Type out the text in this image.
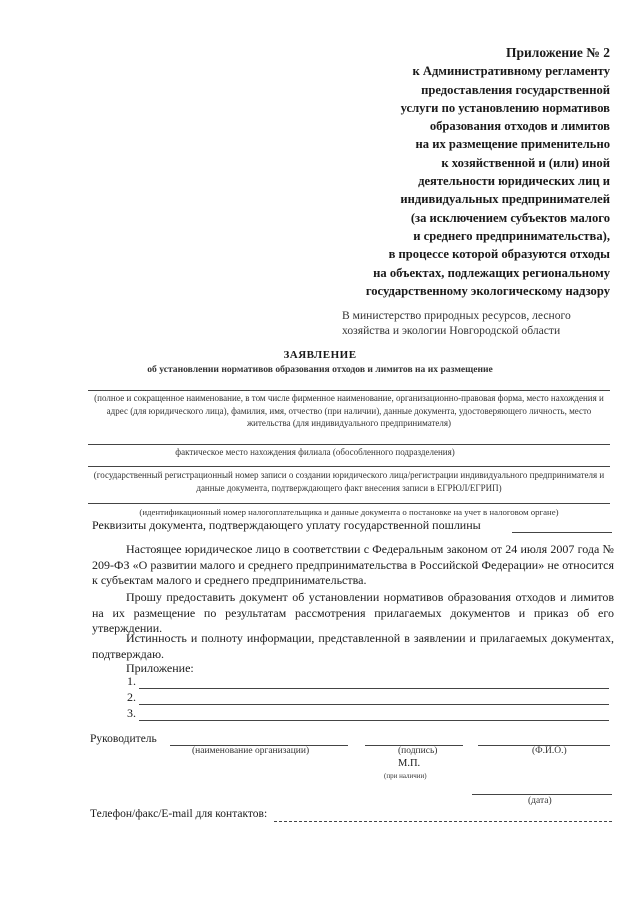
Приложение № 2
к Административному регламенту
предоставления государственной
услуги по установлению нормативов
образования отходов и лимитов
на их размещение применительно
к хозяйственной и (или) иной
деятельности юридических лиц и
индивидуальных предпринимателей
(за исключением субъектов малого
и среднего предпринимательства),
в процессе которой образуются отходы
на объектах, подлежащих региональному
государственному экологическому надзору
В министерство природных ресурсов, лесного хозяйства и экологии Новгородской области
ЗАЯВЛЕНИЕ
об установлении нормативов образования отходов и лимитов на их размещение
(полное и сокращенное наименование, в том числе фирменное наименование, организационно-правовая форма, место нахождения и адрес (для юридического лица), фамилия, имя, отчество (при наличии), данные документа, удостоверяющего личность, место жительства (для индивидуального предпринимателя)
фактическое место нахождения филиала (обособленного подразделения)
(государственный регистрационный номер записи о создании юридического лица/регистрации индивидуального предпринимателя и данные документа, подтверждающего факт внесения записи в ЕГРЮЛ/ЕГРИП)
(идентификационный номер налогоплательщика и данные документа о постановке на учет в налоговом органе)
Реквизиты документа, подтверждающего уплату государственной пошлины
Настоящее юридическое лицо в соответствии с Федеральным законом от 24 июля 2007 года № 209-ФЗ «О развитии малого и среднего предпринимательства в Российской Федерации» не относится к субъектам малого и среднего предпринимательства.
Прошу предоставить документ об установлении нормативов образования отходов и лимитов на их размещение по результатам рассмотрения прилагаемых документов и приказ об его утверждении.
Истинность и полноту информации, представленной в заявлении и прилагаемых документах, подтверждаю.
Приложение:
1.
2.
3.
Руководитель
(наименование организации)	(подпись)	(Ф.И.О.)
М.П.
(при наличии)
(дата)
Телефон/факс/E-mail для контактов:
